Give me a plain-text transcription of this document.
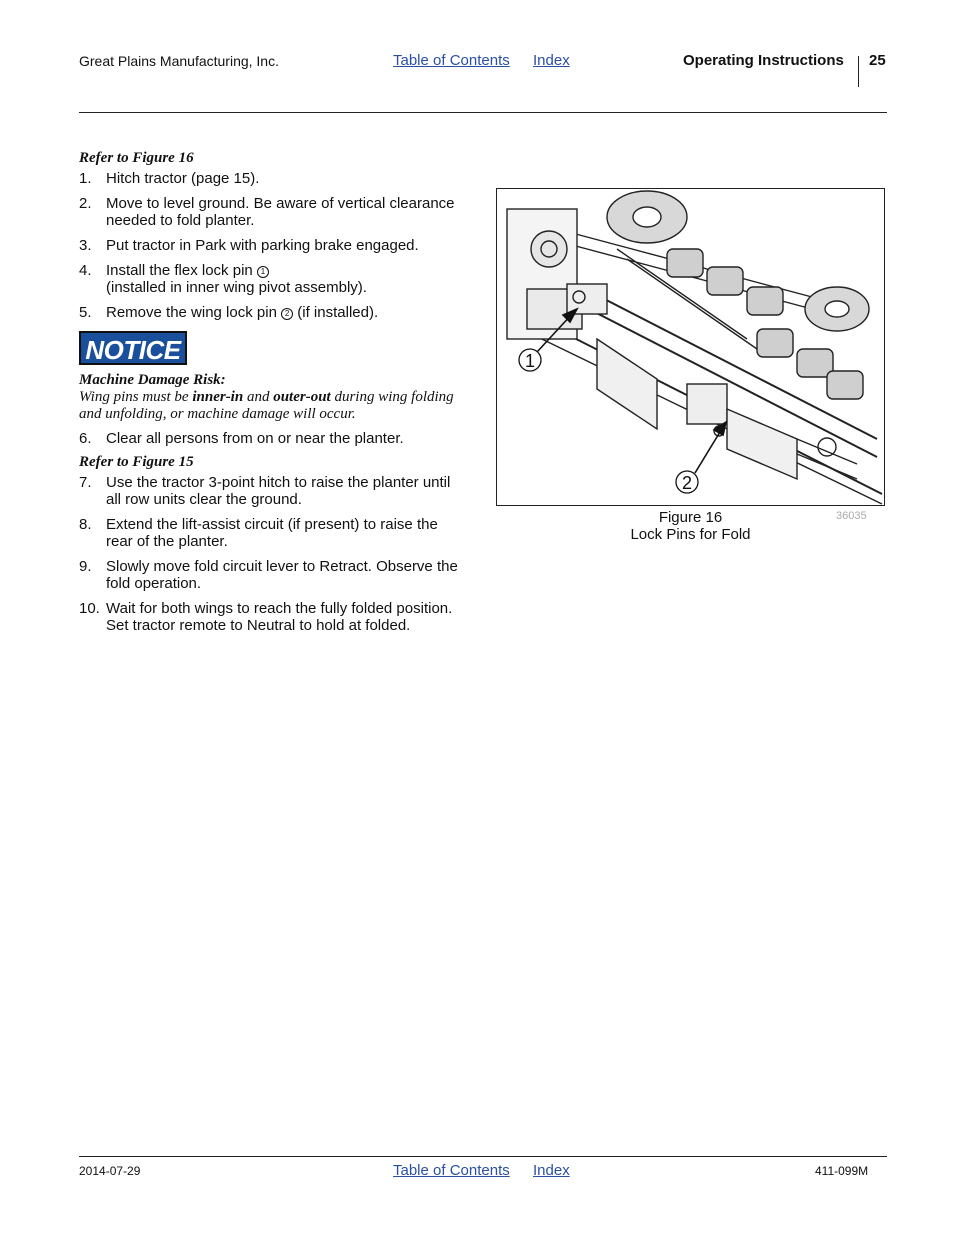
Great Plains Manufacturing, Inc.	Table of Contents Index	Operating Instructions 25
Refer to Figure 16
1. Hitch tractor (page 15).
2. Move to level ground. Be aware of vertical clearance
needed to fold planter.
3. Put tractor in Park with parking brake engaged.
4. Install the flex lock pin 1
(installed in inner wing pivot assembly).
5. Remove the wing lock pin 2 (if installed).
NOTICE
Machine Damage Risk:
Wing pins must be inner-in and outer-out during wing folding
and unfolding, or machine damage will occur.
6. Clear all persons from on or near the planter.
Refer to Figure 15
7. Use the tractor 3-point hitch to raise the planter until
all row units clear the ground.
8. Extend the lift-assist circuit (if present) to raise the
rear of the planter.
9. Slowly move fold circuit lever to Retract. Observe the
fold operation.
10. Wait for both wings to reach the fully folded position.
Set tractor remote to Neutral to hold at folded.
1
2
36035
Figure 16
Lock Pins for Fold
2014-07-29	Table of Contents Index	411-099M
